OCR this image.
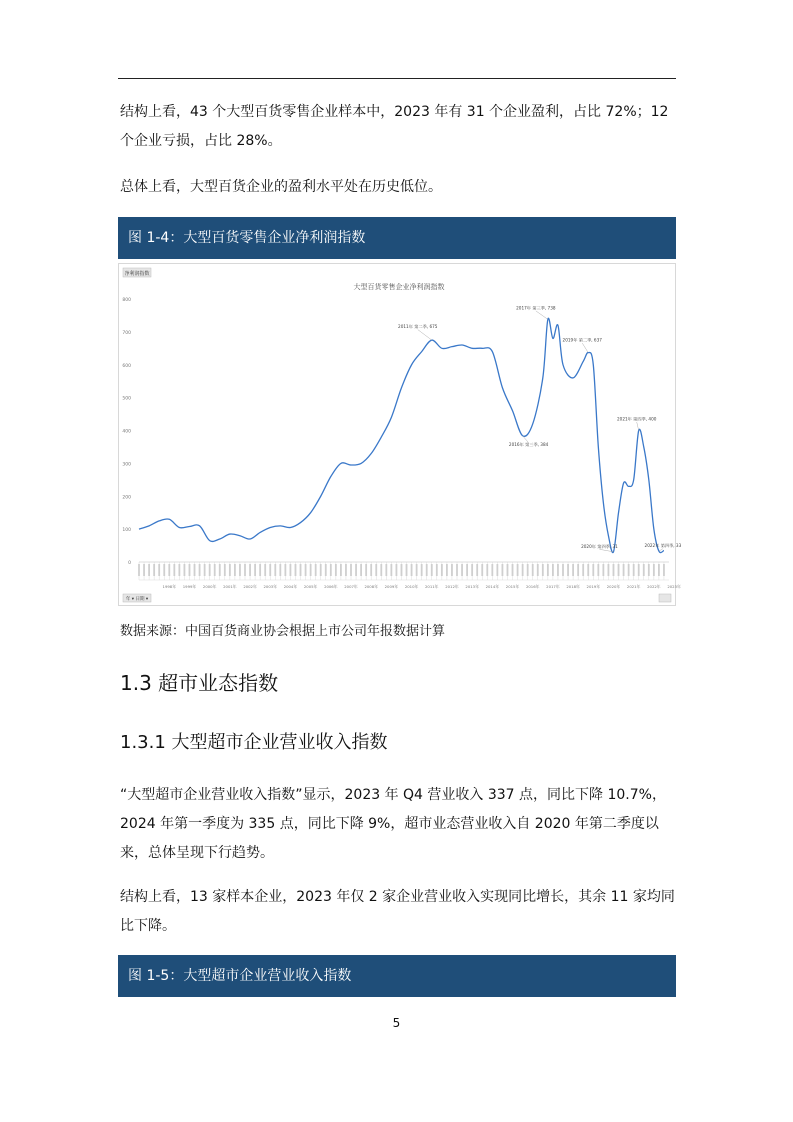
结构上看，43 个大型百货零售企业样本中，2023 年有 31 个企业盈利，占比 72%；12 个企业亏损，占比 28%。

总体上看，大型百货企业的盈利水平处在历史低位。

图 1-4：大型百货零售企业净利润指数
净利润指数
大型百货零售企业净利润指数
0
100
200
300
400
500
600
700
800
1998年 1999年 2000年 2001年 2002年 2003年 2004年 2005年 2006年 2007年 2008年 2009年 2010年 2011年 2012年 2013年 2014年 2015年 2016年 2017年 2018年 2019年 2020年 2021年 2022年 2023年
2011年 第二季, 675
2016年 第三季, 384
2017年 第三季, 738
2019年 第二季, 637
2020年 第四季, 31
2021年 第四季, 400
2022年 第四季, 33
年 ▾ 日期 ▾
数据来源：中国百货商业协会根据上市公司年报数据计算
1.3 超市业态指数
1.3.1 大型超市企业营业收入指数

“大型超市企业营业收入指数”显示，2023 年 Q4 营业收入 337 点，同比下降 10.7%，2024 年第一季度为 335 点，同比下降 9%，超市业态营业收入自 2020 年第二季度以来，总体呈现下行趋势。

结构上看，13 家样本企业，2023 年仅 2 家企业营业收入实现同比增长，其余 11 家均同比下降。

图 1-5：大型超市企业营业收入指数
5
